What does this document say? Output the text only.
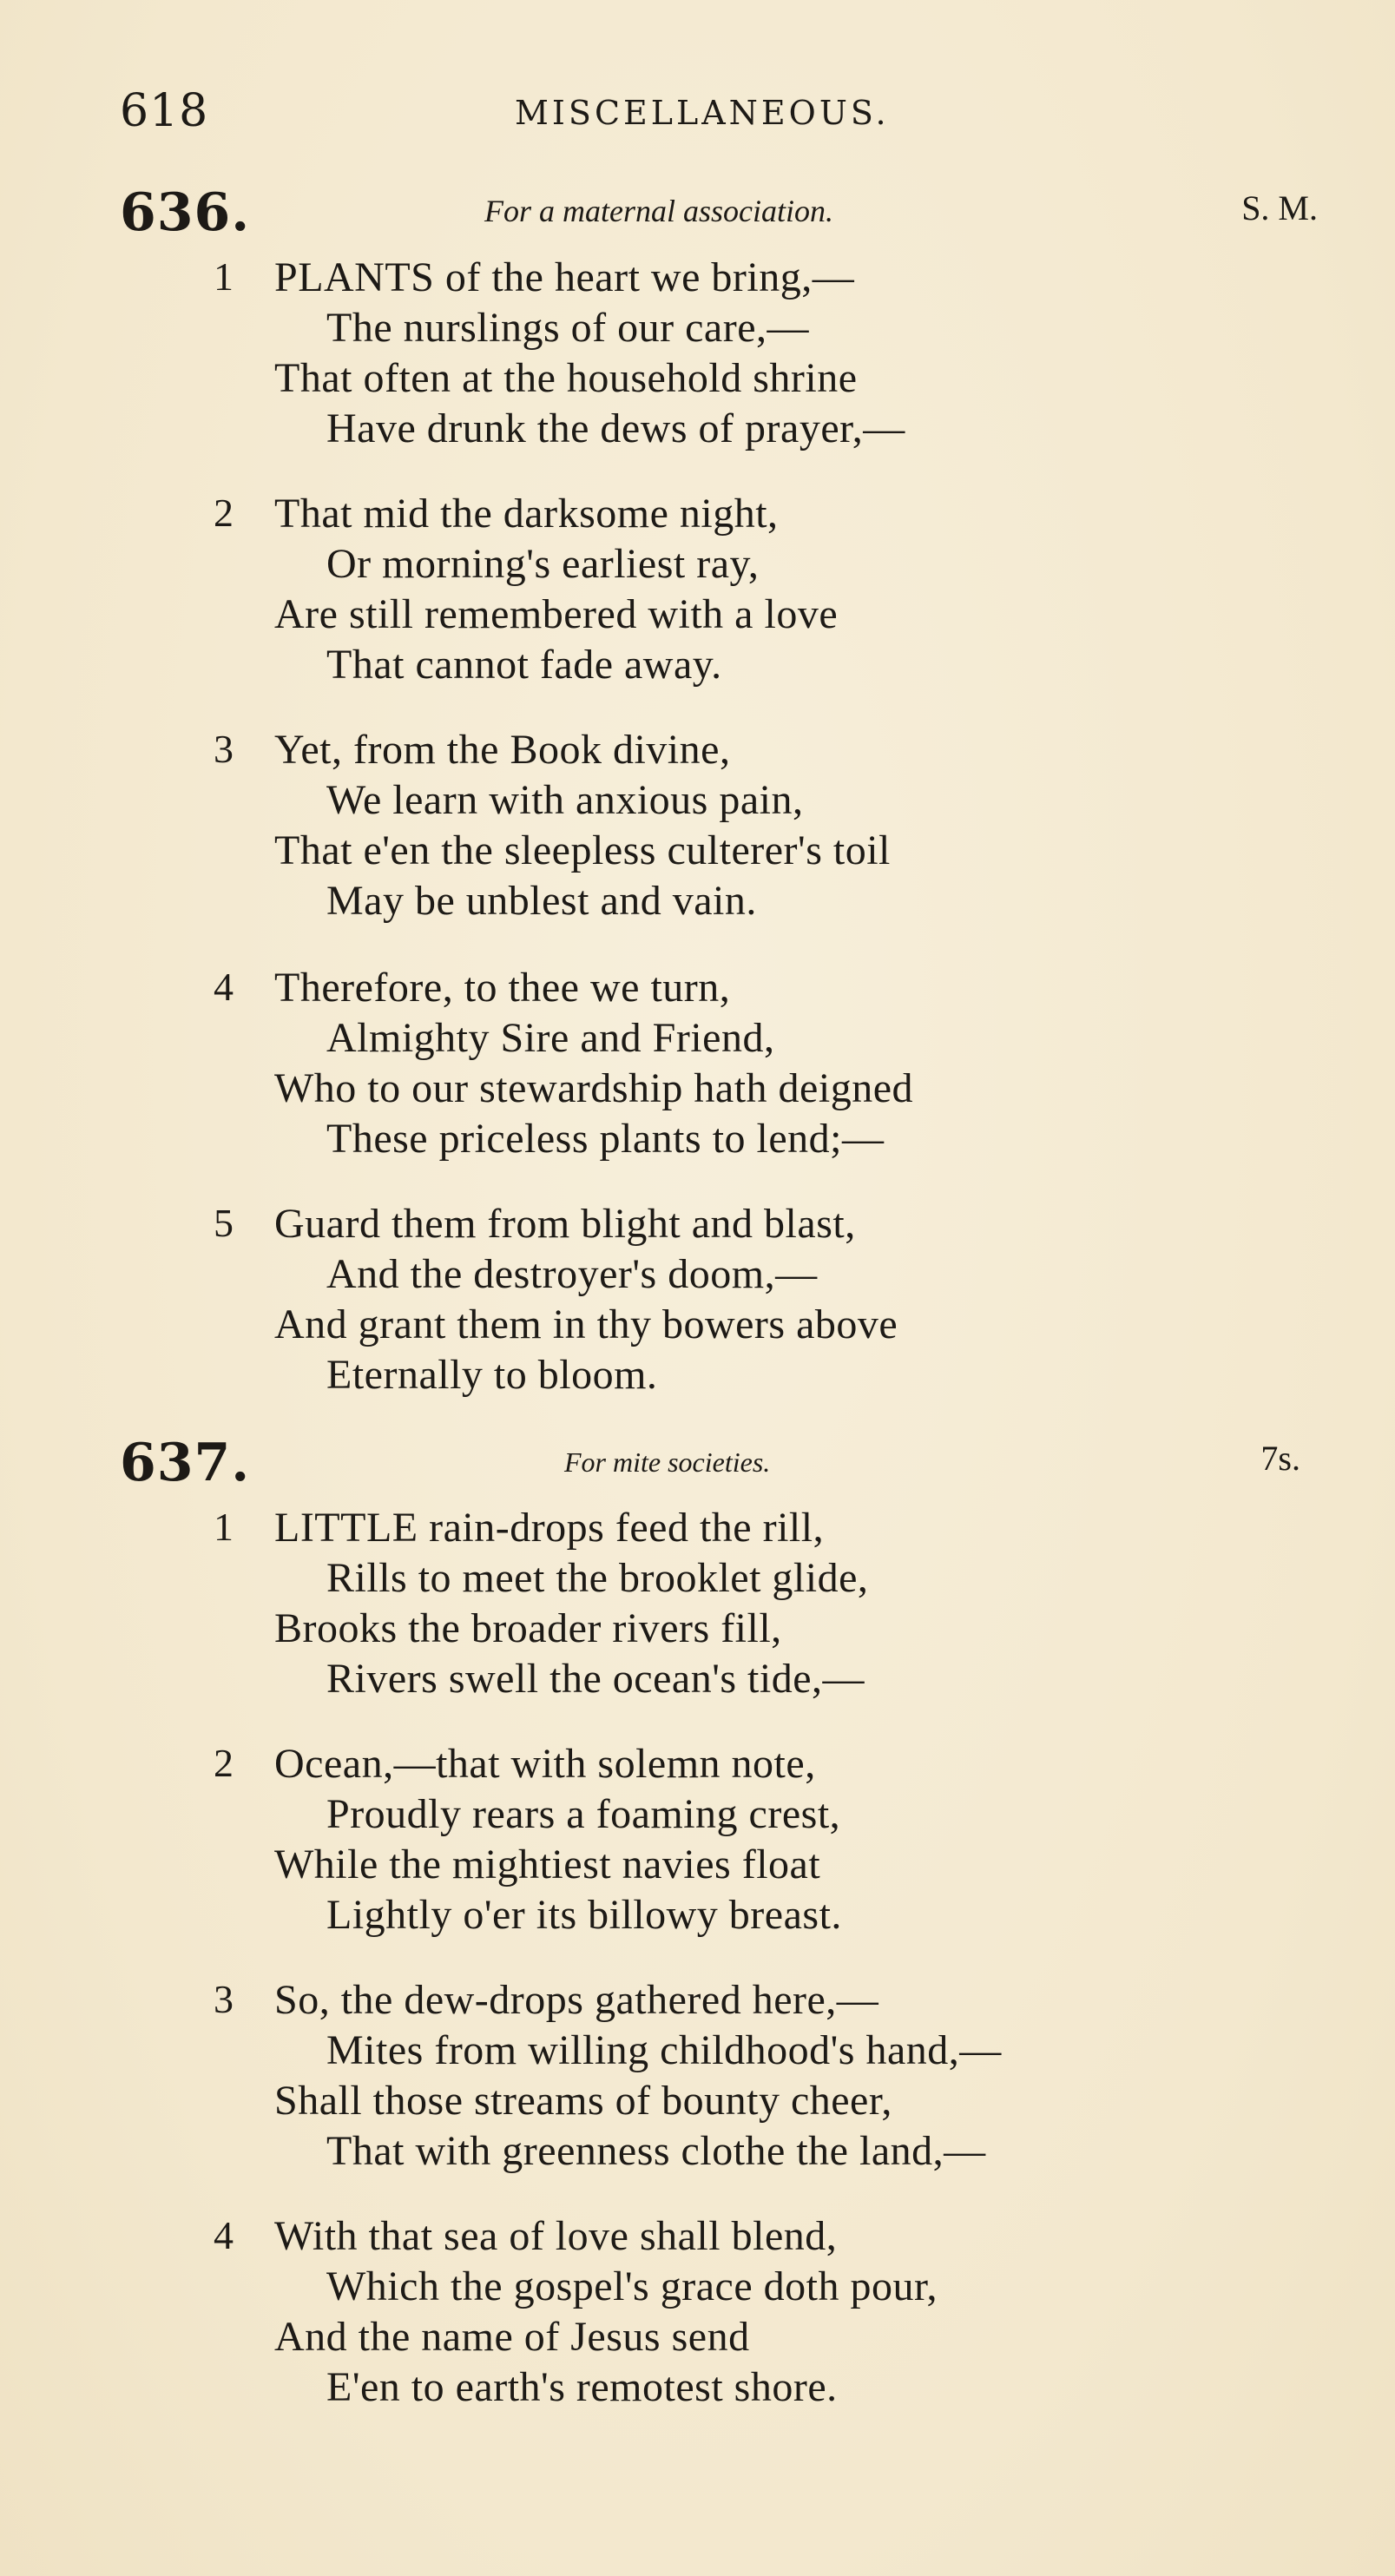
618	MISCELLANEOUS.
636.	For a maternal association.	S. M.
1 PLANTS of the heart we bring,—
The nurslings of our care,—
That often at the household shrine
Have drunk the dews of prayer,—
2 That mid the darksome night,
Or morning's earliest ray,
Are still remembered with a love
That cannot fade away.
3 Yet, from the Book divine,
We learn with anxious pain,
That e'en the sleepless culterer's toil
May be unblest and vain.
4 Therefore, to thee we turn,
Almighty Sire and Friend,
Who to our stewardship hath deigned
These priceless plants to lend;—
5 Guard them from blight and blast,
And the destroyer's doom,—
And grant them in thy bowers above
Eternally to bloom.
637.	For mite societies.	7s.
1 LITTLE rain-drops feed the rill,
Rills to meet the brooklet glide,
Brooks the broader rivers fill,
Rivers swell the ocean's tide,—
2 Ocean,—that with solemn note,
Proudly rears a foaming crest,
While the mightiest navies float
Lightly o'er its billowy breast.
3 So, the dew-drops gathered here,—
Mites from willing childhood's hand,—
Shall those streams of bounty cheer,
That with greenness clothe the land,—
4 With that sea of love shall blend,
Which the gospel's grace doth pour,
And the name of Jesus send
E'en to earth's remotest shore.
